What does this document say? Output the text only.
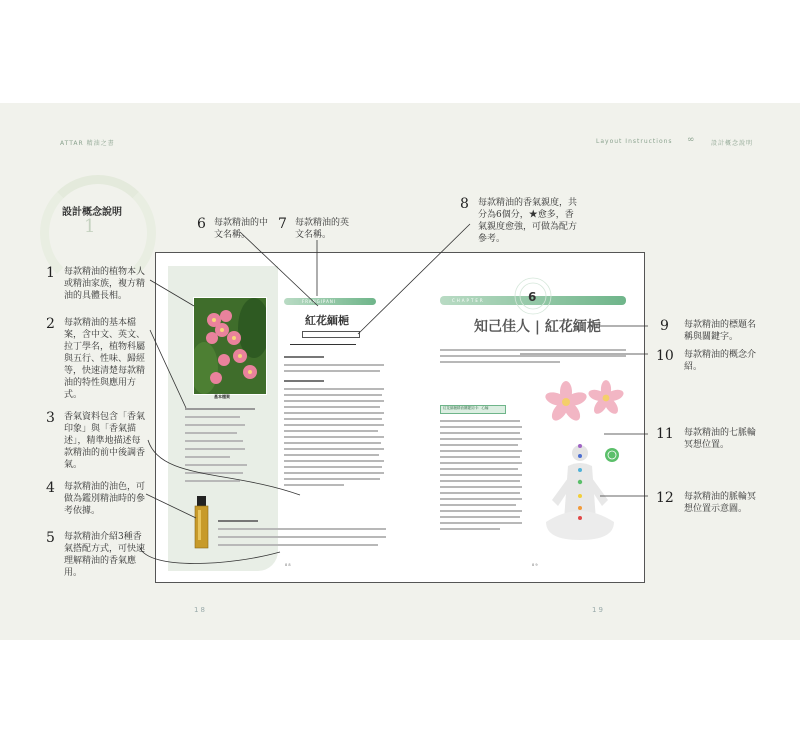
ATTAR 精油之書	Layout Instructions	設計概念說明
∞
設計概念說明
1
基本檔案
FRANGIPANI
紅花緬梔
8 8
CHAPTER	6
知己佳人 | 紅花緬梔
紅花緬梔精油關鍵詞卡：心輪
8 9
1 每款精油的植物本人或精油家族，複方精油的具體長相。
2 每款精油的基本檔案，含中文、英文、拉丁學名，植物科屬與五行、性味、歸經等，快速清楚每款精油的特性與應用方式。
3 香氣資料包含「香氣印象」與「香氣描述」，精準地描述每款精油的前中後調香氣。
4 每款精油的油色，可做為鑑別精油時的參考依據。
5 每款精油介紹3種香氣搭配方式，可快速理解精油的香氣應用。
6 每款精油的中文名稱。
7 每款精油的英文名稱。
8 每款精油的香氣親度，共分為6個分，★愈多，香氣親度愈強，可做為配方參考。
9 每款精油的標題名稱與關鍵字。
10 每款精油的概念介紹。
11 每款精油的七脈輪冥想位置。
12 每款精油的脈輪冥想位置示意圖。
18	19
